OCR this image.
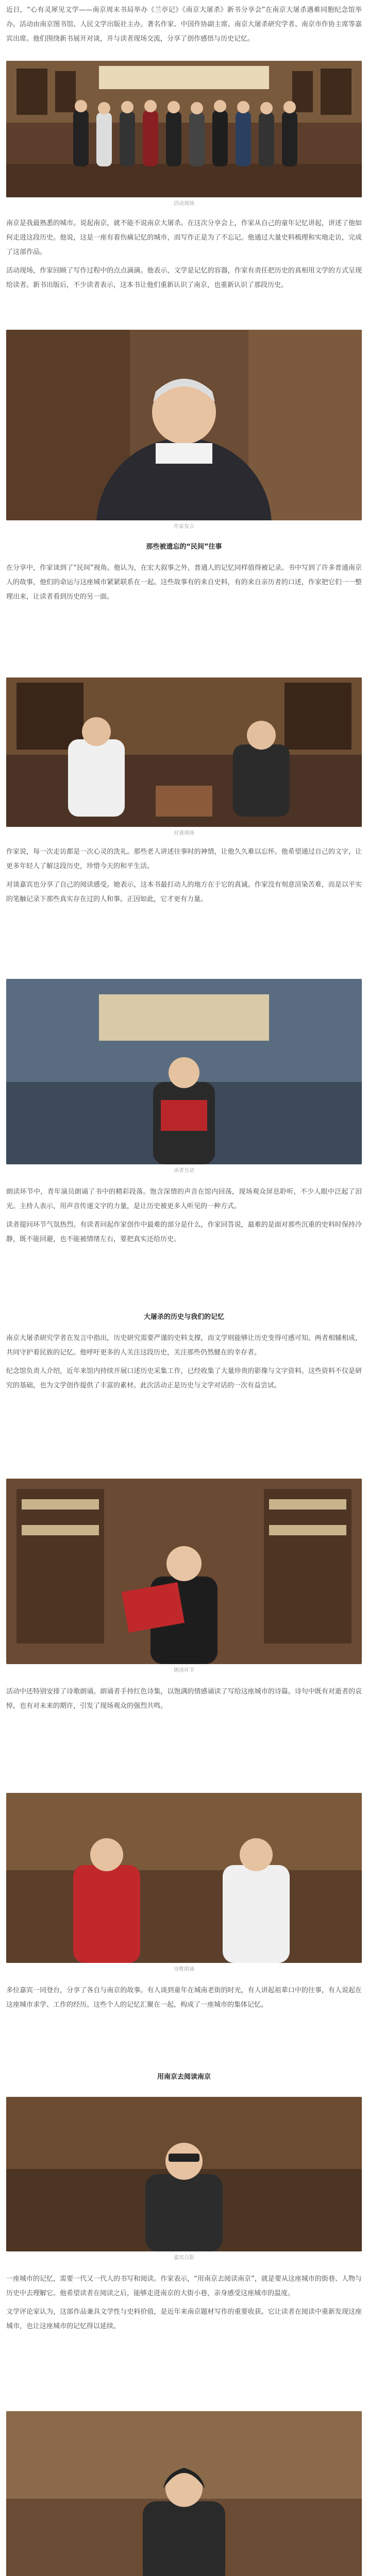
近日，“心有灵犀见文学——南京周末书局举办《兰亭记》《南京大屠杀》新书分享会”在南京大屠杀遇难同胞纪念馆举办。活动由南京图书馆、人民文学出版社主办。著名作家、中国作协副主席、南京大屠杀研究学者、南京市作协主席等嘉宾出席。他们围绕新书展开对谈，并与读者现场交流，分享了创作感悟与历史记忆。

活动现场

南京是我最熟悉的城市。说起南京，就不能不说南京大屠杀。在这次分享会上，作家从自己的童年记忆讲起，讲述了他如何走进这段历史。他说，这是一座有着伤痛记忆的城市，而写作正是为了不忘记。他通过大量史料梳理和实地走访，完成了这部作品。

活动现场，作家回顾了写作过程中的点点滴滴。他表示，文学是记忆的容器，作家有责任把历史的真相用文学的方式呈现给读者。新书出版后，不少读者表示，这本书让他们重新认识了南京，也重新认识了那段历史。

作家发言

那些被遗忘的“民间”往事

在分享中，作家谈到了“民间”视角。他认为，在宏大叙事之外，普通人的记忆同样值得被记录。书中写到了许多普通南京人的故事，他们的命运与这座城市紧紧联系在一起。这些故事有的来自史料，有的来自亲历者的口述，作家把它们一一整理出来，让读者看到历史的另一面。

对谈现场

作家说，每一次走访都是一次心灵的洗礼。那些老人讲述往事时的神情，让他久久难以忘怀。他希望通过自己的文字，让更多年轻人了解这段历史，珍惜今天的和平生活。

对谈嘉宾也分享了自己的阅读感受。她表示，这本书最打动人的地方在于它的真诚。作家没有刻意渲染苦难，而是以平实的笔触记录下那些真实存在过的人和事。正因如此，它才更有力量。

读者互动

朗读环节中，青年演员朗诵了书中的精彩段落。饱含深情的声音在馆内回荡，现场观众屏息聆听，不少人眼中泛起了泪光。主持人表示，用声音传递文字的力量，是让历史被更多人听见的一种方式。

读者提问环节气氛热烈。有读者问起作家创作中最难的部分是什么，作家回答说，最难的是面对那些沉重的史料时保持冷静，既不能回避，也不能被情绪左右，要把真实还给历史。

大屠杀的历史与我们的记忆

南京大屠杀研究学者在发言中指出，历史研究需要严谨的史料支撑，而文学则能够让历史变得可感可知。两者相辅相成，共同守护着民族的记忆。他呼吁更多的人关注这段历史，关注那些仍然健在的幸存者。

纪念馆负责人介绍，近年来馆内持续开展口述历史采集工作，已经收集了大量珍贵的影像与文字资料。这些资料不仅是研究的基础，也为文学创作提供了丰富的素材。此次活动正是历史与文学对话的一次有益尝试。

朗读环节

活动中还特别安排了诗歌朗诵。朗诵者手持红色诗集，以饱满的情感诵读了写给这座城市的诗篇。诗句中既有对逝者的哀悼，也有对未来的期许，引发了现场观众的强烈共鸣。

诗歌朗诵

多位嘉宾一同登台，分享了各自与南京的故事。有人谈到童年在城南老街的时光，有人讲起祖辈口中的往事，有人说起在这座城市求学、工作的经历。这些个人的记忆汇聚在一起，构成了一座城市的集体记忆。

用南京去阅读南京

嘉宾合影

一座城市的记忆，需要一代又一代人的书写和阅读。作家表示，“用南京去阅读南京”，就是要从这座城市的街巷、人物与历史中去理解它。他希望读者在阅读之后，能够走进南京的大街小巷，亲身感受这座城市的温度。

文学评论家认为，这部作品兼具文学性与史料价值，是近年来南京题材写作的重要收获。它让读者在阅读中重新发现这座城市，也让这座城市的记忆得以延续。
